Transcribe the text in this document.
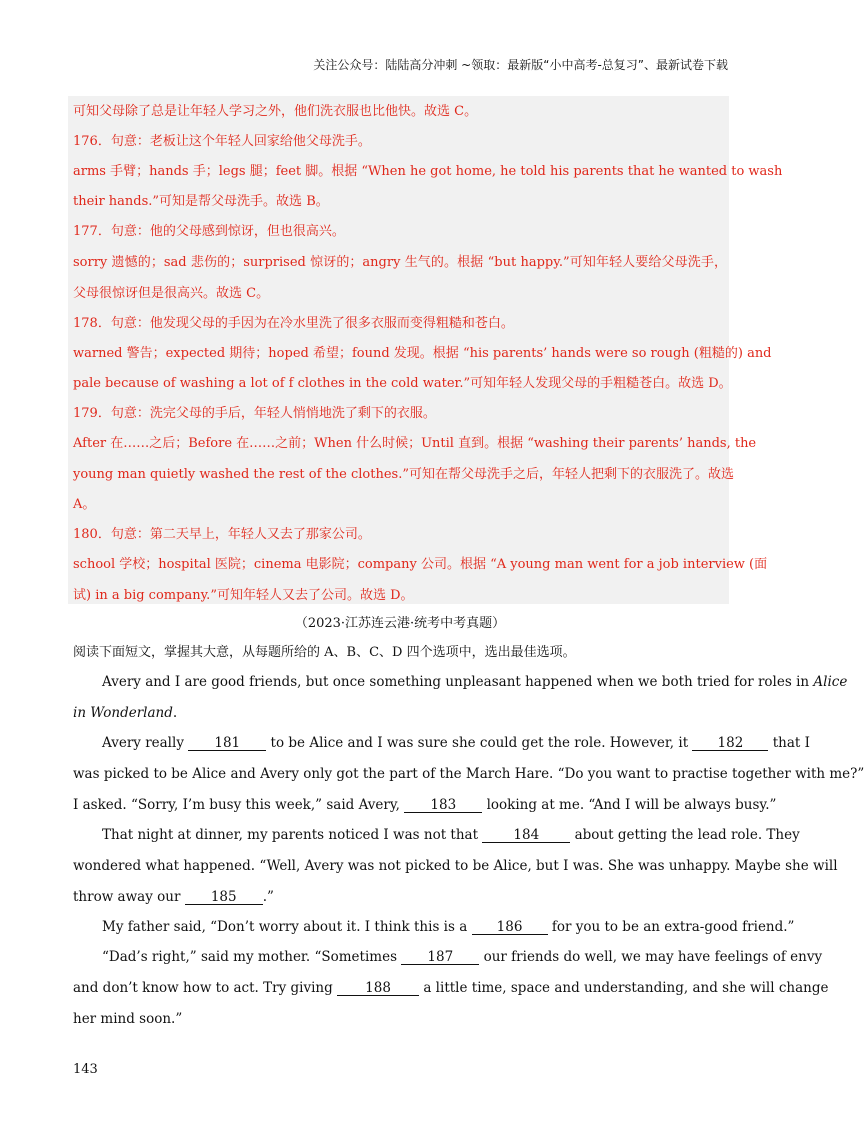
关注公众号：陆陆高分冲刺 ~领取：最新版“小中高考-总复习”、最新试卷下载
可知父母除了总是让年轻人学习之外，他们洗衣服也比他快。故选 C。
176．句意：老板让这个年轻人回家给他父母洗手。
arms 手臂；hands 手；legs 腿；feet 脚。根据 “When he got home, he told his parents that he wanted to wash
their hands.”可知是帮父母洗手。故选 B。
177．句意：他的父母感到惊讶，但也很高兴。
sorry 遗憾的；sad 悲伤的；surprised 惊讶的；angry 生气的。根据 “but happy.”可知年轻人要给父母洗手，
父母很惊讶但是很高兴。故选 C。
178．句意：他发现父母的手因为在冷水里洗了很多衣服而变得粗糙和苍白。
warned 警告；expected 期待；hoped 希望；found 发现。根据 “his parents’ hands were so rough (粗糙的) and
pale because of washing a lot of f clothes in the cold water.”可知年轻人发现父母的手粗糙苍白。故选 D。
179．句意：洗完父母的手后，年轻人悄悄地洗了剩下的衣服。
After 在……之后；Before 在……之前；When 什么时候；Until 直到。根据 “washing their parents’ hands, the
young man quietly washed the rest of the clothes.”可知在帮父母洗手之后，年轻人把剩下的衣服洗了。故选
A。
180．句意：第二天早上，年轻人又去了那家公司。
school 学校；hospital 医院；cinema 电影院；company 公司。根据 “A young man went for a job interview (面
试) in a big company.”可知年轻人又去了公司。故选 D。
（2023·江苏连云港·统考中考真题）
阅读下面短文，掌握其大意，从每题所给的 A、B、C、D 四个选项中，选出最佳选项。
Avery and I are good friends, but once something unpleasant happened when we both tried for roles in Alice
in Wonderland.
Avery really 181 to be Alice and I was sure she could get the role. However, it 182 that I
was picked to be Alice and Avery only got the part of the March Hare. “Do you want to practise together with me?”
I asked. “Sorry, I’m busy this week,” said Avery, 183 looking at me. “And I will be always busy.”
That night at dinner, my parents noticed I was not that	184	about getting the lead role. They
wondered what happened. “Well, Avery was not picked to be Alice, but I was. She was unhappy. Maybe she will
throw away our 185 .”
My father said, “Don’t worry about it. I think this is a 186 for you to be an extra-good friend.”
“Dad’s right,” said my mother. “Sometimes 187 our friends do well, we may have feelings of envy
and don’t know how to act. Try giving 188 a little time, space and understanding, and she will change
her mind soon.”
143
